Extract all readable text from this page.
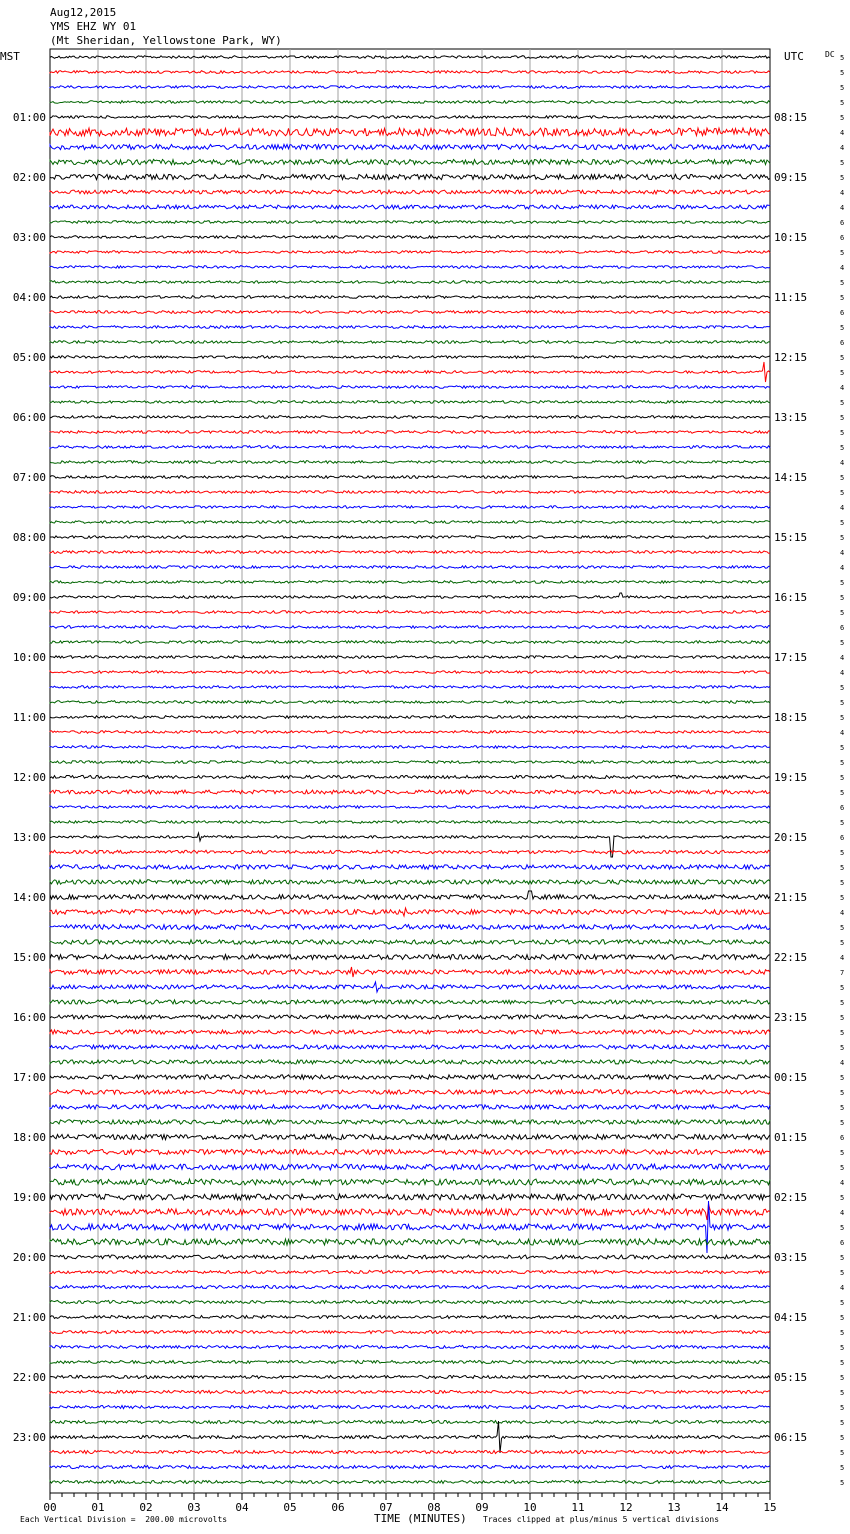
Aug12,2015
YMS EHZ WY 01
(Mt Sheridan, Yellowstone Park, WY)
MST	UTC	DC
01:00
02:00
03:00
04:00
05:00
06:00
07:00
08:00
09:00
10:00
11:00
12:00
13:00
14:00
15:00
16:00
17:00
18:00
19:00
20:00
21:00
22:00
23:00
08:15
09:15
10:15
11:15
12:15
13:15
14:15
15:15
16:15
17:15
18:15
19:15
20:15
21:15
22:15
23:15
00:15
01:15
02:15
03:15
04:15
05:15
06:15
5
5
5
5
5
4
4
5
5
4
4
6
6
5
4
5
5
6
5
6
5
5
4
5
5
5
5
4
5
5
4
5
5
4
4
5
5
5
6
5
4
4
5
5
5
4
5
5
5
5
6
5
6
5
5
5
5
4
5
5
4
7
5
5
5
5
5
4
5
5
5
5
6
5
5
4
5
4
5
6
5
5
4
5
5
5
5
5
5
5
5
5
5
5
5
5
00	01	02	03	04	05	06	07	08	09	10	11	12	13	14	15
Each Vertical Division =  200.00 microvolts	TIME (MINUTES) Traces clipped at plus/minus 5 vertical divisions
